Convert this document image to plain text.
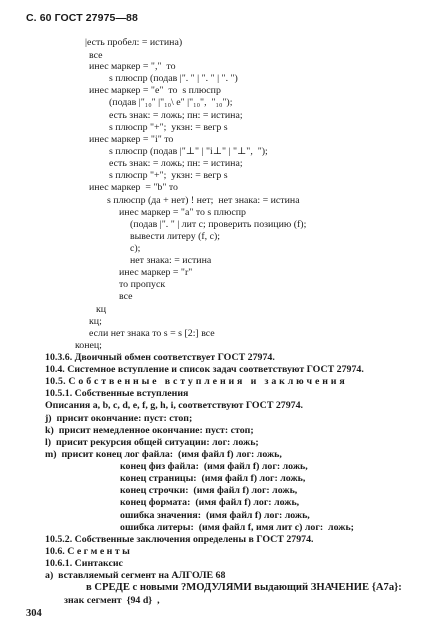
С. 60 ГОСТ 27975—88
|есть пробел: = истина)
все
инес маркер = ","  то
s плюспр (подав |". " | ". " | ". ")
инес маркер = "е"  то  s плюспр
(подав |"₁₀" |"₁₀\ е" |"₁₀",  "₁₀");
есть знак: = ложь; пн: = истина;
s плюспр "+";  укзн: = вегр s
инес маркер = "i" то
s плюспр (подав |"⊥" | "i⊥" | "⊥",  ");
есть знак: = ложь; пн: = истина;
s плюспр "+";  укзн: = вегр s
инес маркер  = "b" то
s плюспр (да + нет) ! нет;  нет знака: = истина
инес маркер = "а" то s плюспр
(подав |". " | лит с; проверить позицию (f);
вывести литеру (f, с);
с);
нет знака: = истина
инес маркер = "r"
то пропуск
все
кц
кц;
если нет знака то s = s [2:] все
конец;
10.3.6. Двоичный обмен соответствует ГОСТ 27974.
10.4. Системное вступление и список задач соответствуют ГОСТ 27974.
10.5. С о б с т в е н н ы е   в с т у п л е н и я   и   з а к л ю ч е н и я
10.5.1. Собственные вступления
Описания a, b, c, d, e, f, g, h, i, соответствуют ГОСТ 27974.
j)  присит окончание: пуст: стоп;
k)  присит немедленное окончание: пуст: стоп;
l)  присит рекурсия общей ситуации: лог: ложь;
m)  присит конец лог файла:  (имя файл f) лог: ложь,
конец физ файла:  (имя файл f) лог: ложь,
конец страницы:  (имя файл f) лог: ложь,
конец строчки:  (имя файл f) лог: ложь,
конец формата:  (имя файл f) лог: ложь,
ошибка значения:  (имя файл f) лог: ложь,
ошибка литеры:  (имя файл f, имя лит с) лог:  ложь;
10.5.2. Собственные заключения определены в ГОСТ 27974.
10.6. С е г м е н т ы
10.6.1. Синтаксис
а)  вставляемый сегмент на АЛГОЛЕ 68
в СРЕДЕ с новыми ?МОДУЛЯМИ выдающий ЗНАЧЕНИЕ {A7a}:
знак сегмент  {94 d}  ,
304
